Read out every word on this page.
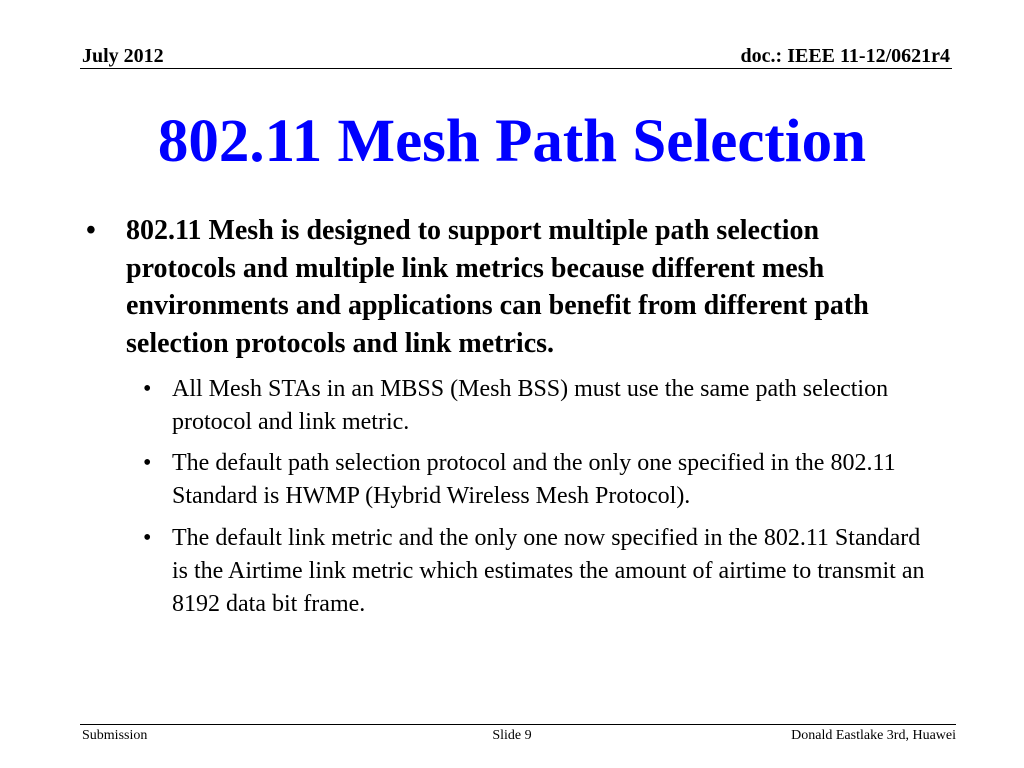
July 2012	doc.: IEEE 11-12/0621r4
802.11 Mesh Path Selection
•	802.11 Mesh is designed to support multiple path selection protocols and multiple link metrics because different mesh environments and applications can benefit from different path selection protocols and link metrics.
• All Mesh STAs in an MBSS (Mesh BSS) must use the same path selection protocol and link metric.
• The default path selection protocol and the only one specified in the 802.11 Standard is HWMP (Hybrid Wireless Mesh Protocol).
• The default link metric and the only one now specified in the 802.11 Standard is the Airtime link metric which estimates the amount of airtime to transmit an 8192 data bit frame.
Submission	Slide 9	Donald Eastlake 3rd, Huawei
